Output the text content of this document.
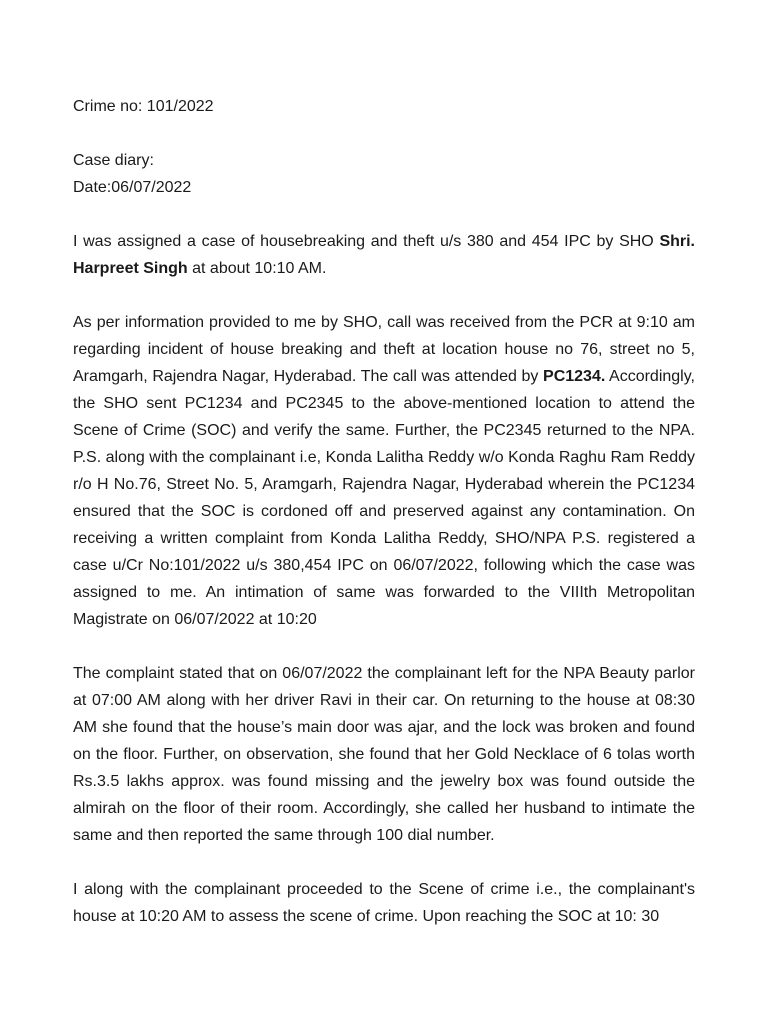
Crime no: 101/2022

Case diary:

Date:06/07/2022

I was assigned a case of housebreaking and theft u/s 380 and 454 IPC by SHO Shri. Harpreet Singh at about 10:10 AM.

As per information provided to me by SHO, call was received from the PCR at 9:10 am regarding incident of house breaking and theft at location house no 76, street no 5, Aramgarh, Rajendra Nagar, Hyderabad. The call was attended by PC1234. Accordingly, the SHO sent PC1234 and PC2345 to the above-mentioned location to attend the Scene of Crime (SOC) and verify the same. Further, the PC2345 returned to the NPA. P.S. along with the complainant i.e, Konda Lalitha Reddy w/o Konda Raghu Ram Reddy r/o H No.76, Street No. 5, Aramgarh, Rajendra Nagar, Hyderabad wherein the PC1234 ensured that the SOC is cordoned off and preserved against any contamination. On receiving a written complaint from Konda Lalitha Reddy, SHO/NPA P.S. registered a case u/Cr No:101/2022 u/s 380,454 IPC on 06/07/2022, following which the case was assigned to me. An intimation of same was forwarded to the VIIIth Metropolitan Magistrate on 06/07/2022 at 10:20

The complaint stated that on 06/07/2022 the complainant left for the NPA Beauty parlor at 07:00 AM along with her driver Ravi in their car. On returning to the house at 08:30 AM she found that the house’s main door was ajar, and the lock was broken and found on the floor. Further, on observation, she found that her Gold Necklace of 6 tolas worth Rs.3.5 lakhs approx. was found missing and the jewelry box was found outside the almirah on the floor of their room. Accordingly, she called her husband to intimate the same and then reported the same through 100 dial number.

I along with the complainant proceeded to the Scene of crime i.e., the complainant's house at 10:20 AM to assess the scene of crime. Upon reaching the SOC at 10: 30
